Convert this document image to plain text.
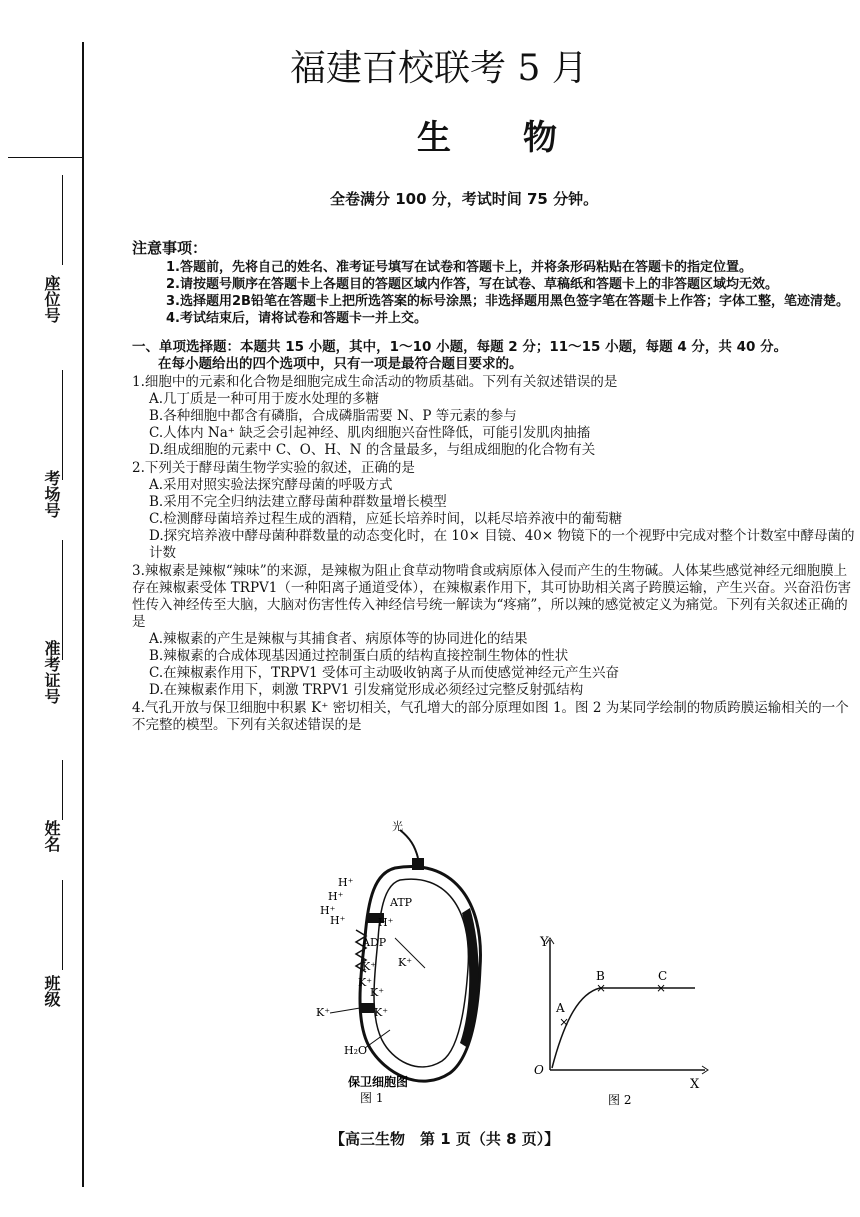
座位号
考场号
准考证号
姓名
班级
福建百校联考 5 月
生物
全卷满分 100 分，考试时间 75 分钟。
注意事项：
1.答题前，先将自己的姓名、准考证号填写在试卷和答题卡上，并将条形码粘贴在答题卡的指定位置。
2.请按题号顺序在答题卡上各题目的答题区域内作答，写在试卷、草稿纸和答题卡上的非答题区域均无效。
3.选择题用2B铅笔在答题卡上把所选答案的标号涂黑；非选择题用黑色签字笔在答题卡上作答；字体工整，笔迹清楚。
4.考试结束后，请将试卷和答题卡一并上交。
一、单项选择题：本题共 15 小题，其中，1～10 小题，每题 2 分；11～15 小题，每题 4 分，共 40 分。
在每小题给出的四个选项中，只有一项是最符合题目要求的。
1.细胞中的元素和化合物是细胞完成生命活动的物质基础。下列有关叙述错误的是
A.几丁质是一种可用于废水处理的多糖
B.各种细胞中都含有磷脂，合成磷脂需要 N、P 等元素的参与
C.人体内 Na⁺ 缺乏会引起神经、肌肉细胞兴奋性降低，可能引发肌肉抽搐
D.组成细胞的元素中 C、O、H、N 的含量最多，与组成细胞的化合物有关
2.下列关于酵母菌生物学实验的叙述，正确的是
A.采用对照实验法探究酵母菌的呼吸方式
B.采用不完全归纳法建立酵母菌种群数量增长模型
C.检测酵母菌培养过程生成的酒精，应延长培养时间，以耗尽培养液中的葡萄糖
D.探究培养液中酵母菌种群数量的动态变化时，在 10× 目镜、40× 物镜下的一个视野中完成对整个计数室中酵母菌的计数
3.辣椒素是辣椒“辣味”的来源，是辣椒为阻止食草动物啃食或病原体入侵而产生的生物碱。人体某些感觉神经元细胞膜上存在辣椒素受体 TRPV1（一种阳离子通道受体），在辣椒素作用下，其可协助相关离子跨膜运输，产生兴奋。兴奋沿伤害性传入神经传至大脑，大脑对伤害性传入神经信号统一解读为“疼痛”，所以辣的感觉被定义为痛觉。下列有关叙述正确的是
A.辣椒素的产生是辣椒与其捕食者、病原体等的协同进化的结果
B.辣椒素的合成体现基因通过控制蛋白质的结构直接控制生物体的性状
C.在辣椒素作用下，TRPV1 受体可主动吸收钠离子从而使感觉神经元产生兴奋
D.在辣椒素作用下，刺激 TRPV1 引发痛觉形成必须经过完整反射弧结构
4.气孔开放与保卫细胞中积累 K⁺ 密切相关，气孔增大的部分原理如图 1。图 2 为某同学绘制的物质跨膜运输相关的一个不完整的模型。下列有关叙述错误的是
光
ATP
ADP
H⁺
H⁺
H⁺
H⁺	H⁺
K⁺
K⁺
K⁺
K⁺
K⁺
K⁺
H₂O
保卫细胞图
图 1
Y
X
O
×
A
×
B
×
C
图 2
【高三生物　第 1 页（共 8 页）】
